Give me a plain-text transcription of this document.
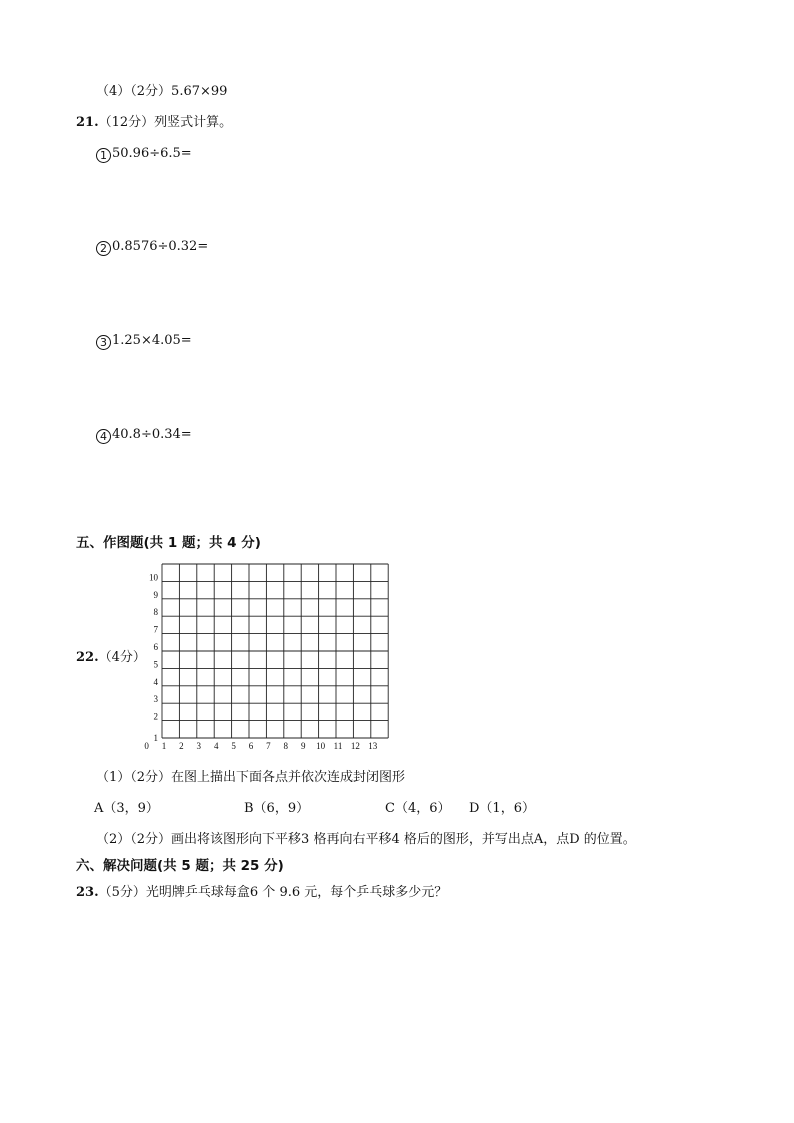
（4）（2分）5.67×99
21.（12分）列竖式计算。
1 50.96÷6.5=
2 0.8576÷0.32=
3 1.25×4.05=
4 40.8÷0.34=
五、作图题(共 1 题；共 4 分)
22.（4分）
0 1 2 3 4 5 6 7 8 9 10 11 12 13
1
2
3
4
5
6
7
8
9
10
（1）（2分）在图上描出下面各点并依次连成封闭图形
A（3，9）	B（6，9）	C（4，6） D（1，6）
（2）（2分）画出将该图形向下平移3 格再向右平移4 格后的图形，并写出点A，点D 的位置。
六、解决问题(共 5 题；共 25 分)
23.（5分）光明牌乒乓球每盒6 个 9.6 元，每个乒乓球多少元？
